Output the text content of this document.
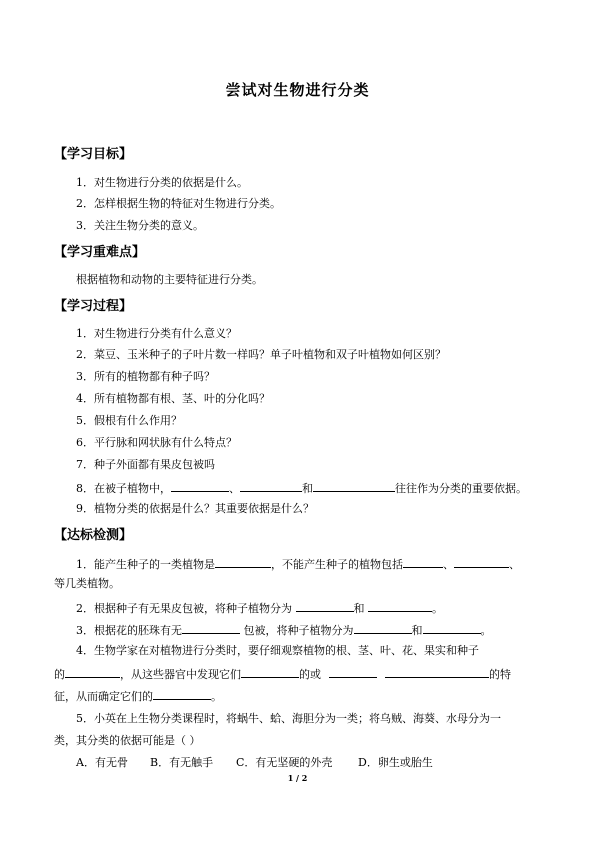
尝试对生物进行分类
【学习目标】
1．对生物进行分类的依据是什么。
2．怎样根据生物的特征对生物进行分类。
3．关注生物分类的意义。
【学习重难点】
根据植物和动物的主要特征进行分类。
【学习过程】
1．对生物进行分类有什么意义？
2．菜豆、玉米种子的子叶片数一样吗？单子叶植物和双子叶植物如何区别？
3．所有的植物都有种子吗？
4．所有植物都有根、茎、叶的分化吗？
5．假根有什么作用？
6．平行脉和网状脉有什么特点？
7．种子外面都有果皮包被吗
8．在被子植物中，	、	和	往往作为分类的重要依据。
9．植物分类的依据是什么？其重要依据是什么？
【达标检测】
1．能产生种子的一类植物是	，不能产生种子的植物包括	、	、
等几类植物。
2．根据种子有无果皮包被，将种子植物分为	和	。
3．根据花的胚珠有无	包被，将种子植物分为	和	。
4．生物学家在对植物进行分类时，要仔细观察植物的根、茎、叶、花、果实和种子
的	，从这些器官中发现它们	的或	的特
征，从而确定它们的	。
5．小英在上生物分类课程时，将蜗牛、蛤、海胆分为一类；将乌贼、海葵、水母分为一
类，其分类的依据可能是（ ）
A．有无骨 B．有无触手 C．有无坚硬的外壳 D．卵生或胎生
1 / 2
